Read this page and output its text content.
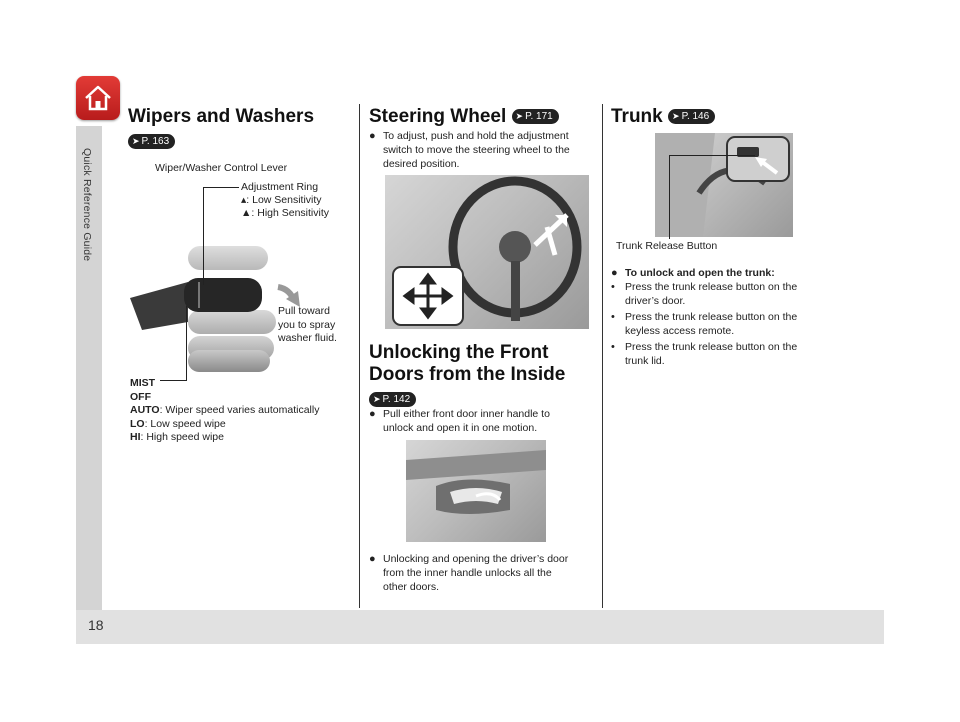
Quick Reference Guide
18
Wipers and Washers
➤ P. 163
Wiper/Washer Control Lever
Adjustment Ring
▴: Low Sensitivity
▲: High Sensitivity
Pull toward
you to spray
washer fluid.
MIST
OFF
AUTO: Wiper speed varies automatically
LO: Low speed wipe
HI: High speed wipe
Steering Wheel ➤ P. 171
● To adjust, push and hold the adjustment
switch to move the steering wheel to the
desired position.
Unlocking the Front
Doors from the Inside
➤ P. 142
● Pull either front door inner handle to
unlock and open it in one motion.
● Unlocking and opening the driver’s door
from the inner handle unlocks all the
other doors.
Trunk ➤ P. 146
Trunk Release Button
● To unlock and open the trunk:
• Press the trunk release button on the
driver’s door.
• Press the trunk release button on the
keyless access remote.
• Press the trunk release button on the
trunk lid.
